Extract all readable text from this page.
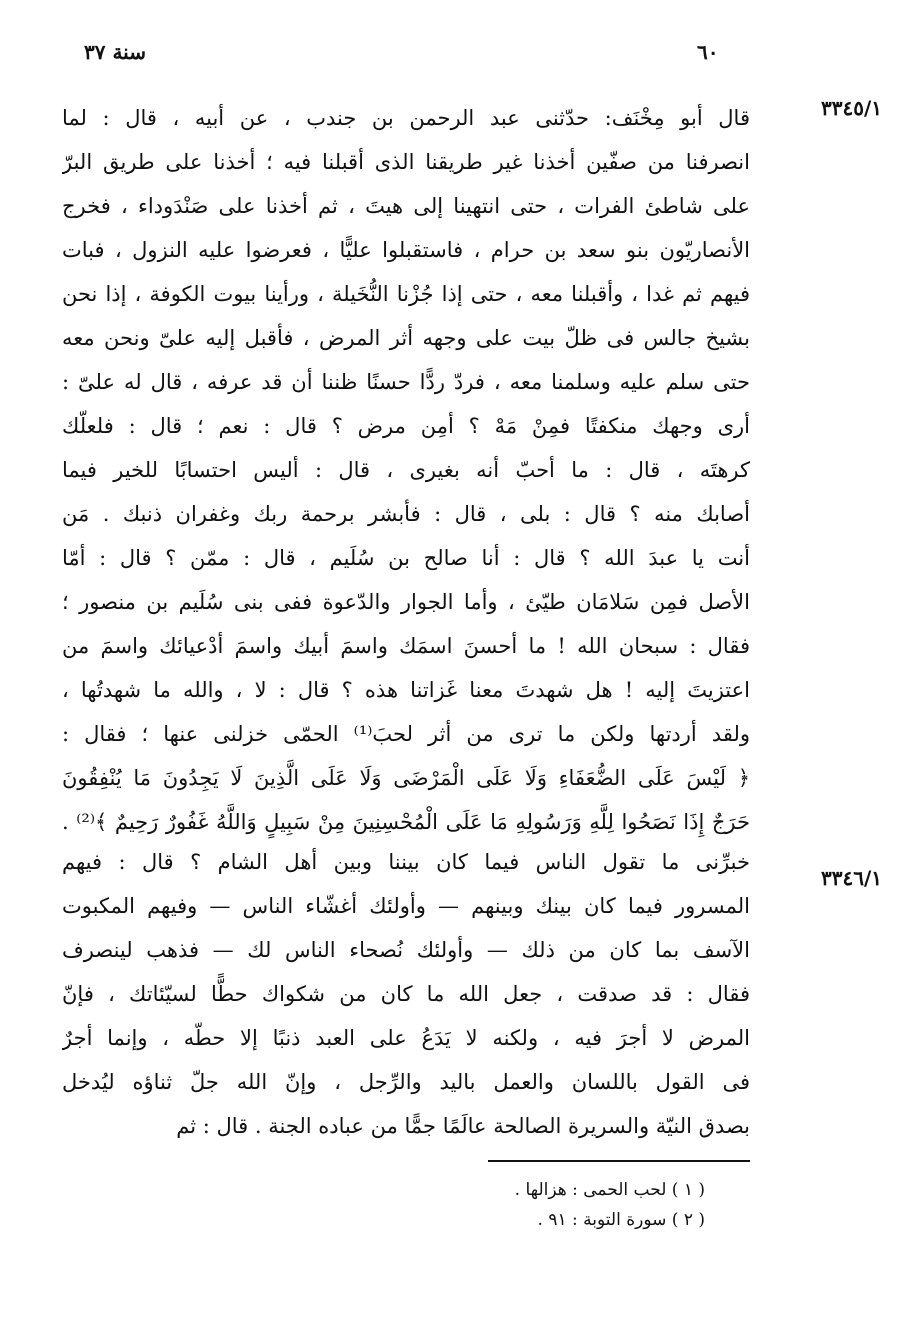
سنة ٣٧	٦٠
٣٣٤٥/١
٣٣٤٦/١
قال أبو مِخْنَف: حدّثنى عبد الرحمن بن جندب ، عن أبيه ، قال : لما
انصرفنا من صفّين أخذنا غير طريقنا الذى أقبلنا فيه ؛ أخذنا على طريق البرّ
على شاطئ الفرات ، حتى انتهينا إلى هيتَ ، ثم أخذنا على صَنْدَوداء ، فخرج
الأنصاريّون بنو سعد بن حرام ، فاستقبلوا عليًّا ، فعرضوا عليه النزول ، فبات
فيهم ثم غدا ، وأقبلنا معه ، حتى إذا جُزْنا النُّخَيلة ، ورأينا بيوت الكوفة ، إذا نحن
بشيخ جالس فى ظلّ بيت على وجهه أثر المرض ، فأقبل إليه علىّ ونحن معه
حتى سلم عليه وسلمنا معه ، فردّ ردًّا حسنًا ظننا أن قد عرفه ، قال له علىّ :
أرى وجهك منكفتًا فمِنْ مَهْ ؟ أمِن مرض ؟ قال : نعم ؛ قال : فلعلّك
كرهتَه ، قال : ما أحبّ أنه بغيرى ، قال : أليس احتسابًا للخير فيما
أصابك منه ؟ قال : بلى ، قال : فأبشر برحمة ربك وغفران ذنبك . مَن
أنت يا عبدَ الله ؟ قال : أنا صالح بن سُلَيم ، قال : ممّن ؟ قال : أمّا
الأصل فمِن سَلامَان طيّئ ، وأما الجوار والدّعوة ففى بنى سُلَيم بن منصور ؛
فقال : سبحان الله ! ما أحسنَ اسمَك واسمَ أبيك واسمَ أدْعيائك واسمَ من
اعتزيتَ إليه ! هل شهدتَ معنا غَزاتنا هذه ؟ قال : لا ، والله ما شهدتُها ،
ولقد أردتها ولكن ما ترى من أثر لحبَ⁽¹⁾ الحمّى خزلنى عنها ؛ فقال :
﴿ لَيْسَ عَلَى الضُّعَفَاءِ وَلَا عَلَى الْمَرْضَى وَلَا عَلَى الَّذِينَ لَا يَجِدُونَ مَا يُنْفِقُونَ
حَرَجٌ إِذَا نَصَحُوا لِلَّهِ وَرَسُولِهِ مَا عَلَى الْمُحْسِنِينَ مِنْ سَبِيلٍ وَاللَّهُ غَفُورٌ رَحِيمٌ ﴾⁽²⁾ .
خبرِّنى ما تقول الناس فيما كان بيننا وبين أهل الشام ؟ قال : فيهم
المسرور فيما كان بينك وبينهم — وأولئك أغشّاء الناس — وفيهم المكبوت
الآسف بما كان من ذلك — وأولئك نُصحاء الناس لك — فذهب لينصرف
فقال : قد صدقت ، جعل الله ما كان من شكواك حطًّا لسيّئاتك ، فإنّ
المرض لا أجرَ فيه ، ولكنه لا يَدَعُ على العبد ذنبًا إلا حطّه ، وإنما أجرٌ
فى القول باللسان والعمل باليد والرِّجل ، وإنّ الله جلّ ثناؤه ليُدخل
بصدق النيّة والسريرة الصالحة عالَمًا جمًّا من عباده الجنة . قال : ثم
( ١ ) لحب الحمى : هزالها .
( ٢ ) سورة التوبة : ٩١ .
